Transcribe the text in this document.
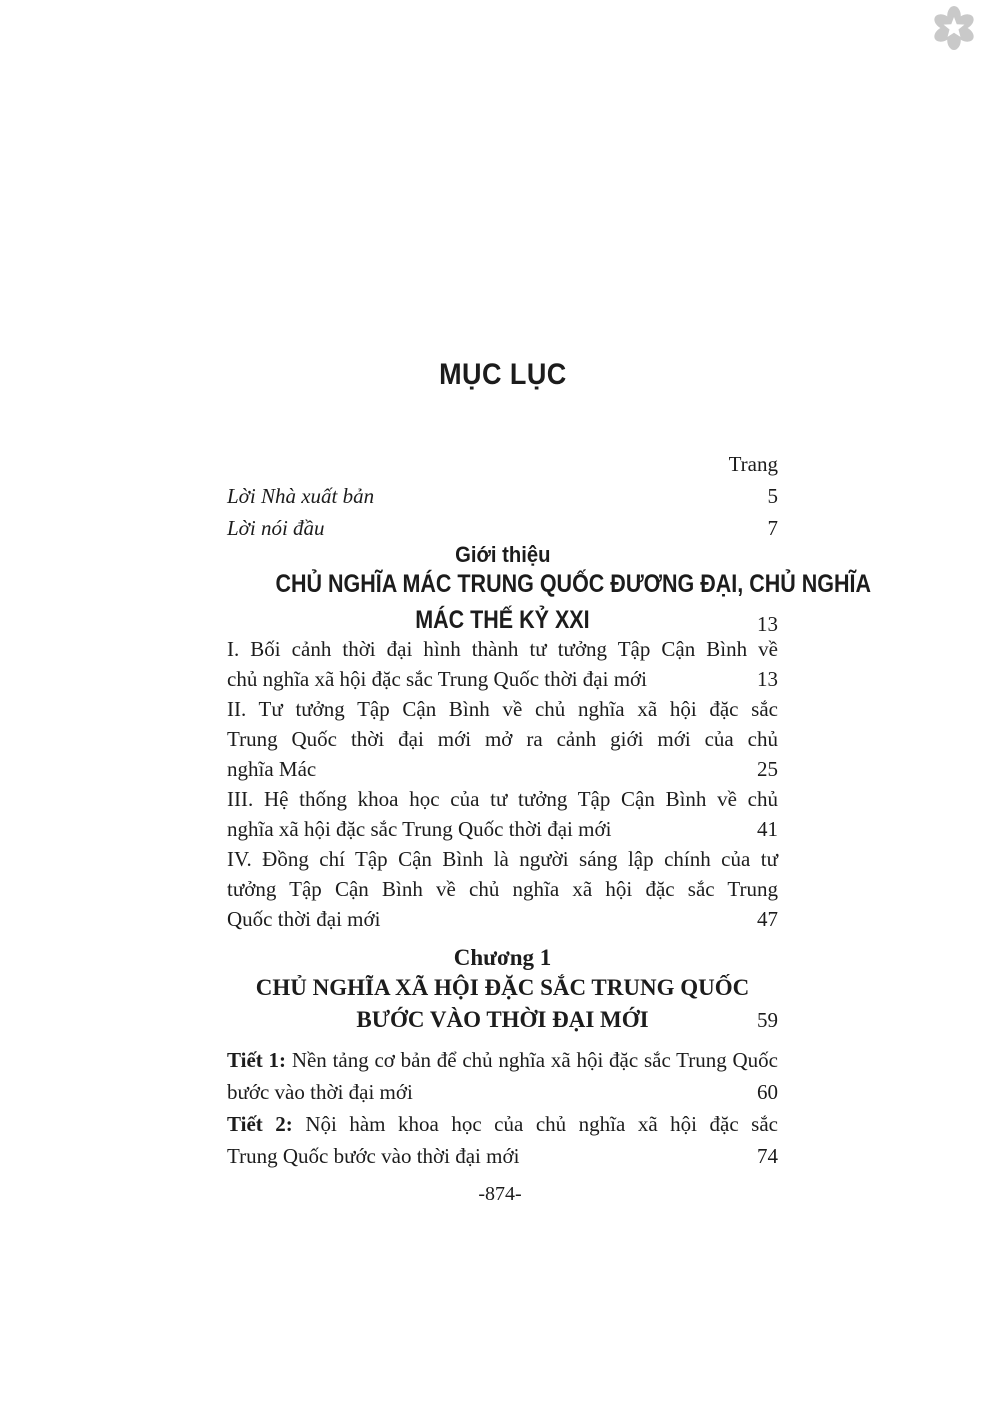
MỤC LỤC
Trang
Lời Nhà xuất bản	5
Lời nói đầu	7
Giới thiệu
CHỦ NGHĨA MÁC TRUNG QUỐC ĐƯƠNG ĐẠI, CHỦ NGHĨA
MÁC THẾ KỶ XXI	13
I. Bối cảnh thời đại hình thành tư tưởng Tập Cận Bình về
chủ nghĩa xã hội đặc sắc Trung Quốc thời đại mới	13
II. Tư tưởng Tập Cận Bình về chủ nghĩa xã hội đặc sắc
Trung Quốc thời đại mới mở ra cảnh giới mới của chủ
nghĩa Mác	25
III. Hệ thống khoa học của tư tưởng Tập Cận Bình về chủ
nghĩa xã hội đặc sắc Trung Quốc thời đại mới	41
IV. Đồng chí Tập Cận Bình là người sáng lập chính của tư
tưởng Tập Cận Bình về chủ nghĩa xã hội đặc sắc Trung
Quốc thời đại mới	47
Chương 1
CHỦ NGHĨA XÃ HỘI ĐẶC SẮC TRUNG QUỐC
BƯỚC VÀO THỜI ĐẠI MỚI	59
Tiết 1: Nền tảng cơ bản để chủ nghĩa xã hội đặc sắc Trung Quốc
bước vào thời đại mới	60
Tiết 2: Nội hàm khoa học của chủ nghĩa xã hội đặc sắc
Trung Quốc bước vào thời đại mới	74
-874-
